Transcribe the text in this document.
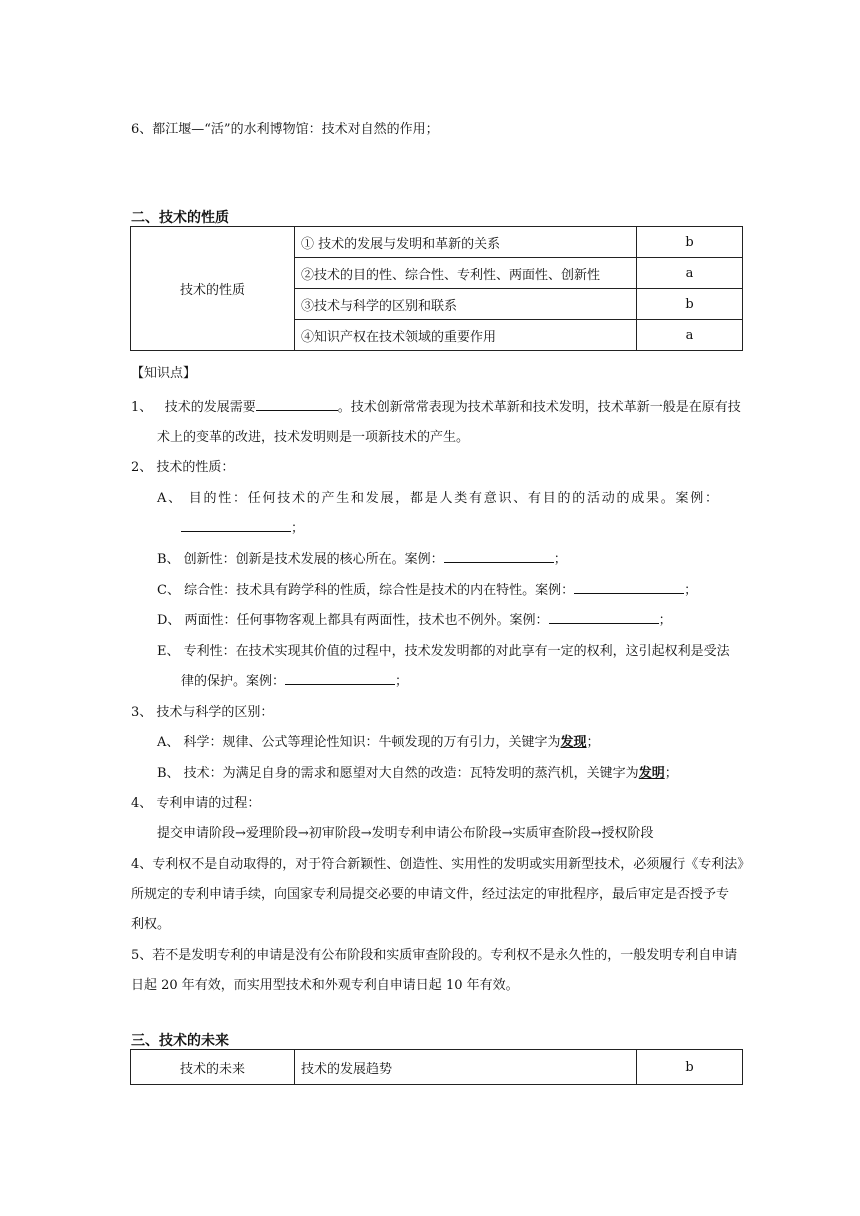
6、都江堰—“活”的水利博物馆：技术对自然的作用；
二、技术的性质
技术的性质	① 技术的发展与发明和革新的关系	b
	②技术的目的性、综合性、专利性、两面性、创新性	a
	③技术与科学的区别和联系	b
	④知识产权在技术领域的重要作用	a
【知识点】
1、 技术的发展需要	。技术创新常常表现为技术革新和技术发明，技术革新一般是在原有技
术上的变革的改进，技术发明则是一项新技术的产生。
2、 技术的性质：
A、 目的性：任何技术的产生和发展，都是人类有意识、有目的的活动的成果。案例：
；
B、 创新性：创新是技术发展的核心所在。案例：	；
C、 综合性：技术具有跨学科的性质，综合性是技术的内在特性。案例：	；
D、 两面性：任何事物客观上都具有两面性，技术也不例外。案例：	；
E、 专利性：在技术实现其价值的过程中，技术发发明都的对此享有一定的权利，这引起权利是受法
律的保护。案例：	；
3、 技术与科学的区别：
A、 科学：规律、公式等理论性知识：牛顿发现的万有引力，关键字为发现；
B、 技术：为满足自身的需求和愿望对大自然的改造：瓦特发明的蒸汽机，关键字为发明；
4、 专利申请的过程：
提交申请阶段→爱理阶段→初审阶段→发明专利申请公布阶段→实质审查阶段→授权阶段
4、专利权不是自动取得的，对于符合新颖性、创造性、实用性的发明或实用新型技术，必须履行《专利法》
所规定的专利申请手续，向国家专利局提交必要的申请文件，经过法定的审批程序，最后审定是否授予专
利权。
5、若不是发明专利的申请是没有公布阶段和实质审查阶段的。专利权不是永久性的，一般发明专利自申请
日起 20 年有效，而实用型技术和外观专利自申请日起 10 年有效。
三、技术的未来
技术的未来	技术的发展趋势	b
